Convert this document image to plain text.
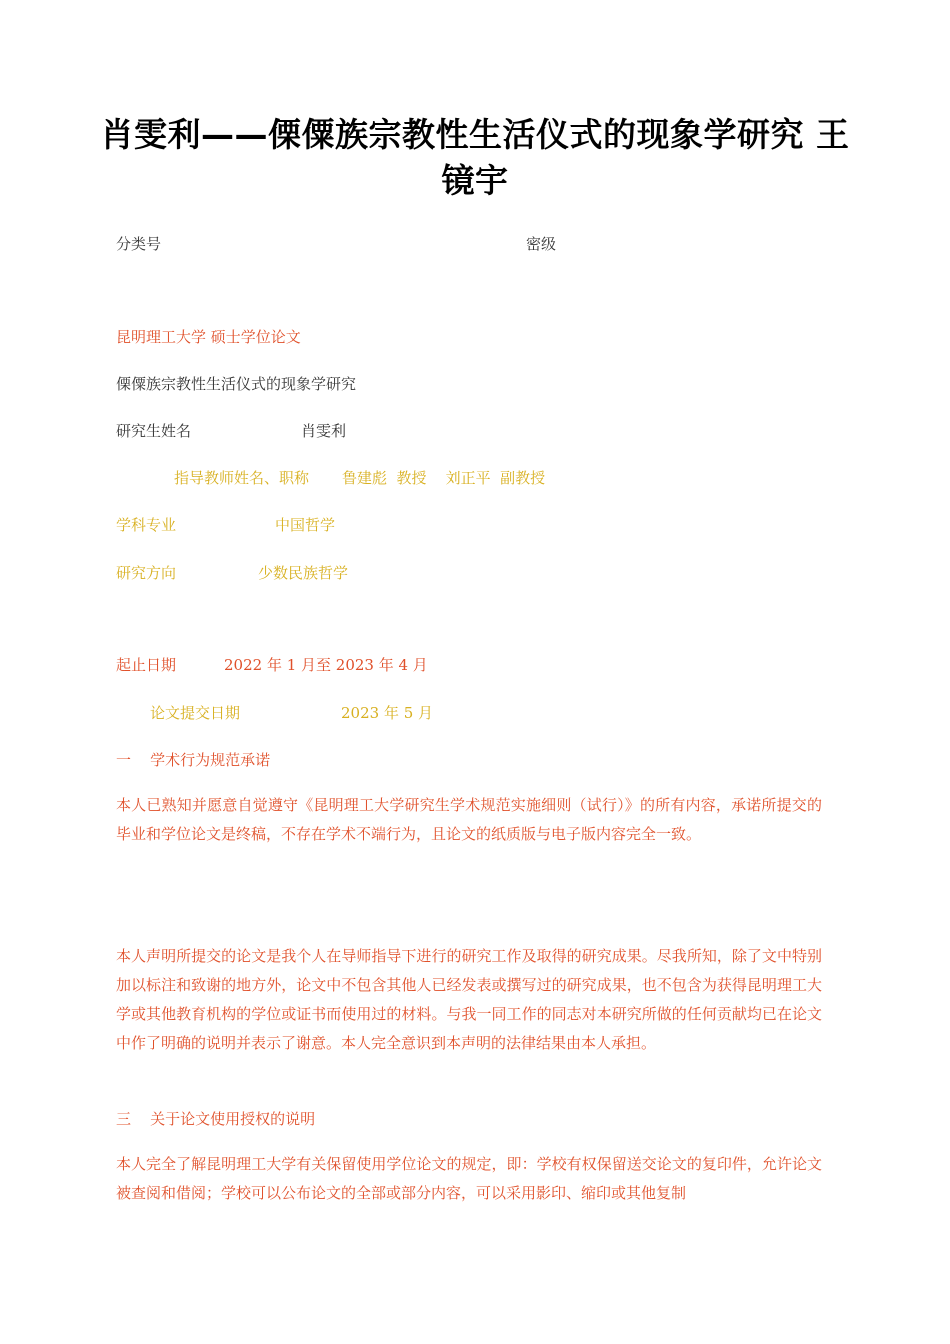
肖雯利——傈僳族宗教性生活仪式的现象学研究 王镜宇
分类号	密级
昆明理工大学 硕士学位论文
傈僳族宗教性生活仪式的现象学研究
研究生姓名	肖雯利
指导教师姓名、职称 鲁建彪  教授    刘正平  副教授
学科专业	中国哲学
研究方向	少数民族哲学
起止日期	2022 年 1 月至 2023 年 4 月
论文提交日期	2023 年 5 月
一    学术行为规范承诺
本人已熟知并愿意自觉遵守《昆明理工大学研究生学术规范实施细则（试行）》的所有内容，承诺所提交的毕业和学位论文是终稿，不存在学术不端行为，且论文的纸质版与电子版内容完全一致。
本人声明所提交的论文是我个人在导师指导下进行的研究工作及取得的研究成果。尽我所知，除了文中特别加以标注和致谢的地方外，论文中不包含其他人已经发表或撰写过的研究成果，也不包含为获得昆明理工大学或其他教育机构的学位或证书而使用过的材料。与我一同工作的同志对本研究所做的任何贡献均已在论文中作了明确的说明并表示了谢意。本人完全意识到本声明的法律结果由本人承担。
三    关于论文使用授权的说明
本人完全了解昆明理工大学有关保留使用学位论文的规定，即：学校有权保留送交论文的复印件，允许论文被查阅和借阅；学校可以公布论文的全部或部分内容，可以采用影印、缩印或其他复制
